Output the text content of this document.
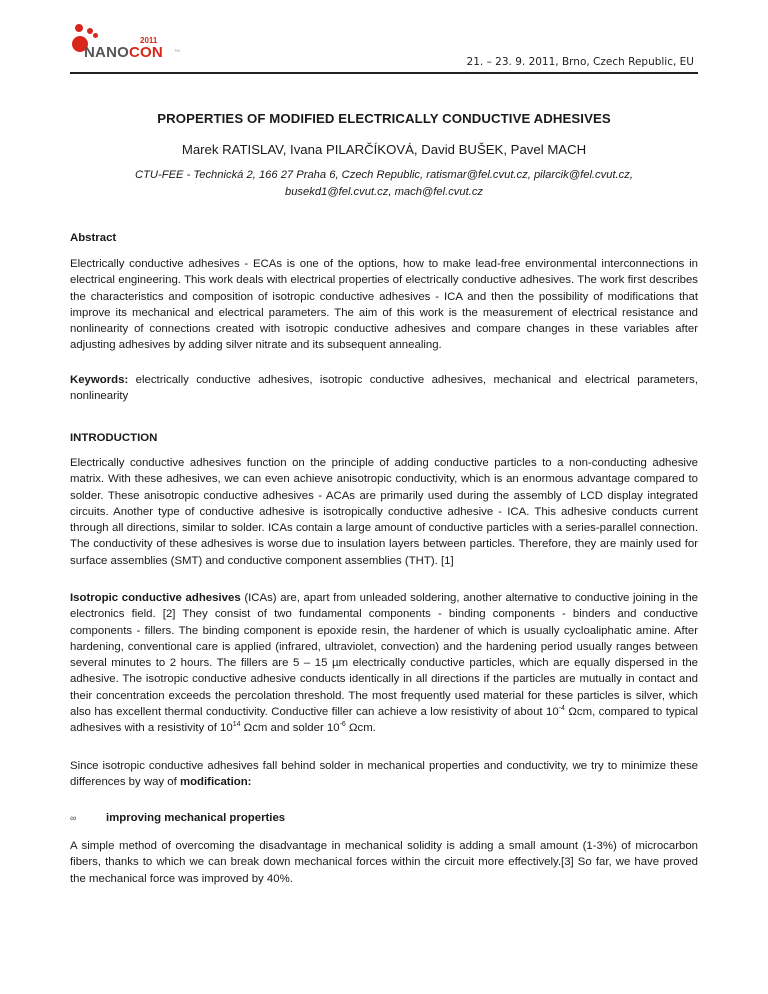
2011
NANOCON	TM
21. – 23. 9. 2011, Brno, Czech Republic, EU
PROPERTIES OF MODIFIED ELECTRICALLY CONDUCTIVE ADHESIVES
Marek RATISLAV, Ivana PILARČÍKOVÁ, David BUŠEK, Pavel MACH
CTU-FEE - Technická 2, 166 27 Praha 6, Czech Republic, ratismar@fel.cvut.cz, pilarcik@fel.cvut.cz,
busekd1@fel.cvut.cz, mach@fel.cvut.cz
Abstract

Electrically conductive adhesives - ECAs is one of the options, how to make lead-free environmental interconnections in electrical engineering. This work deals with electrical properties of electrically conductive adhesives. The work first describes the characteristics and composition of isotropic conductive adhesives - ICA and then the possibility of modifications that improve its mechanical and electrical parameters. The aim of this work is the measurement of electrical resistance and nonlinearity of connections created with isotropic conductive adhesives and compare changes in these variables after adjusting adhesives by adding silver nitrate and its subsequent annealing.

Keywords: electrically conductive adhesives, isotropic conductive adhesives, mechanical and electrical parameters, nonlinearity

INTRODUCTION

Electrically conductive adhesives function on the principle of adding conductive particles to a non-conducting adhesive matrix. With these adhesives, we can even achieve anisotropic conductivity, which is an enormous advantage compared to solder. These anisotropic conductive adhesives - ACAs are primarily used during the assembly of LCD display integrated circuits. Another type of conductive adhesive is isotropically conductive adhesive - ICA. This adhesive conducts current through all directions, similar to solder. ICAs contain a large amount of conductive particles with a series-parallel connection. The conductivity of these adhesives is worse due to insulation layers between particles. Therefore, they are mainly used for surface assemblies (SMT) and conductive component assemblies (THT). [1]

Isotropic conductive adhesives (ICAs) are, apart from unleaded soldering, another alternative to conductive joining in the electronics field. [2] They consist of two fundamental components - binding components - binders and conductive components - fillers. The binding component is epoxide resin, the hardener of which is usually cycloaliphatic amine. After hardening, conventional care is applied (infrared, ultraviolet, convection) and the hardening period usually ranges between several minutes to 2 hours. The fillers are 5 – 15 µm electrically conductive particles, which are equally dispersed in the adhesive. The isotropic conductive adhesive conducts identically in all directions if the particles are mutually in contact and their concentration exceeds the percolation threshold. The most frequently used material for these particles is silver, which also has excellent thermal conductivity. Conductive filler can achieve a low resistivity of about $10^{-4}$ Ωcm, compared to typical adhesives with a resistivity of $10^{14}$ Ωcm and solder $10^{-6}$ Ωcm.

Since isotropic conductive adhesives fall behind solder in mechanical properties and conductivity, we try to minimize these differences by way of modification:

∞	improving mechanical properties

A simple method of overcoming the disadvantage in mechanical solidity is adding a small amount (1-3%) of microcarbon fibers, thanks to which we can break down mechanical forces within the circuit more effectively.[3] So far, we have proved the mechanical force was improved by 40%.
